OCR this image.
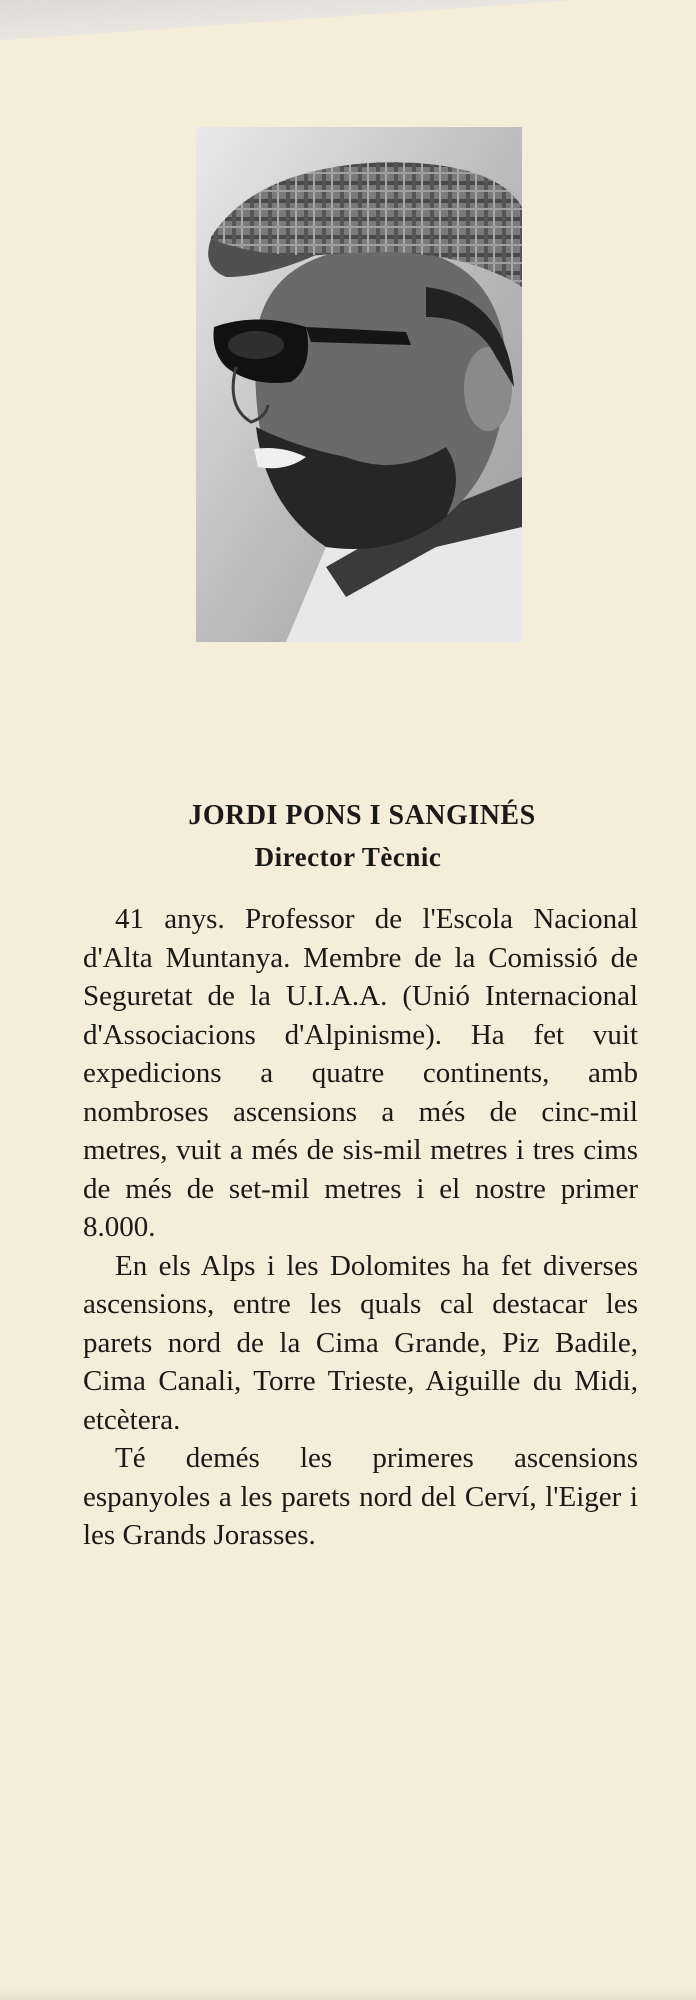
JORDI PONS I SANGINÉS
Director Tècnic

41 anys. Professor de l'Escola Nacional d'Alta Muntanya. Membre de la Comissió de Seguretat de la U.I.A.A. (Unió Internacional d'Associacions d'Alpinisme). Ha fet vuit expedicions a quatre continents, amb nombroses ascensions a més de cinc-mil metres, vuit a més de sis-mil metres i tres cims de més de set-mil metres i el nostre primer 8.000.

En els Alps i les Dolomites ha fet diverses ascensions, entre les quals cal destacar les parets nord de la Cima Grande, Piz Badile, Cima Canali, Torre Trieste, Aiguille du Midi, etcètera.

Té demés les primeres ascensions espanyoles a les parets nord del Cerví, l'Eiger i les Grands Jorasses.
